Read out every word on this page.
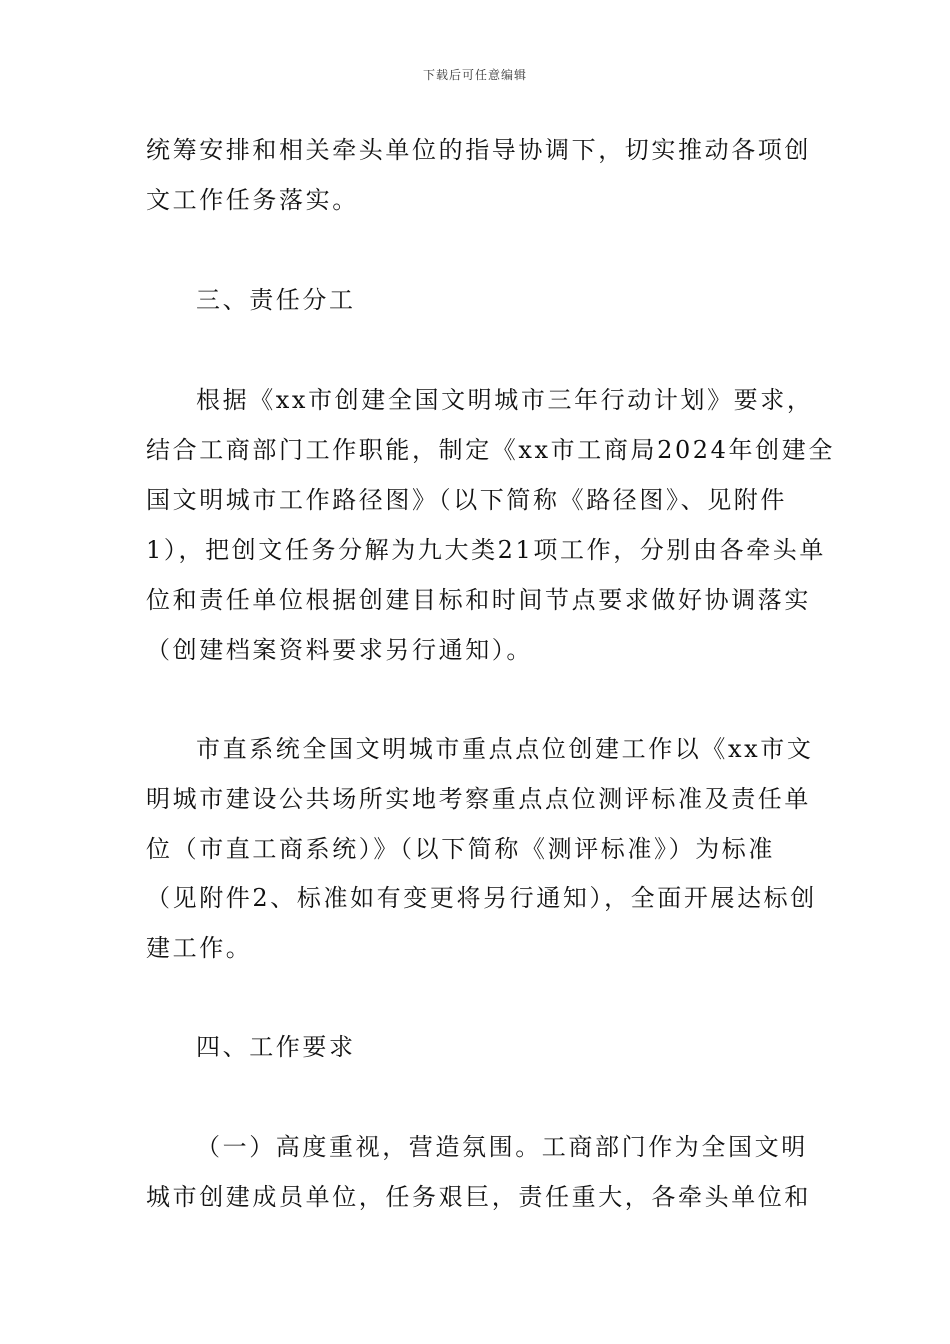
下载后可任意编辑
统筹安排和相关牵头单位的指导协调下，切实推动各项创
文工作任务落实。
三、责任分工
根据《xx市创建全国文明城市三年行动计划》要求，
结合工商部门工作职能，制定《xx市工商局2024年创建全
国文明城市工作路径图》（以下简称《路径图》、见附件
1），把创文任务分解为九大类21项工作，分别由各牵头单
位和责任单位根据创建目标和时间节点要求做好协调落实
（创建档案资料要求另行通知）。
市直系统全国文明城市重点点位创建工作以《xx市文
明城市建设公共场所实地考察重点点位测评标准及责任单
位（市直工商系统）》（以下简称《测评标准》）为标准
（见附件2、标准如有变更将另行通知），全面开展达标创
建工作。
四、工作要求
（一）高度重视，营造氛围。工商部门作为全国文明
城市创建成员单位，任务艰巨，责任重大，各牵头单位和
